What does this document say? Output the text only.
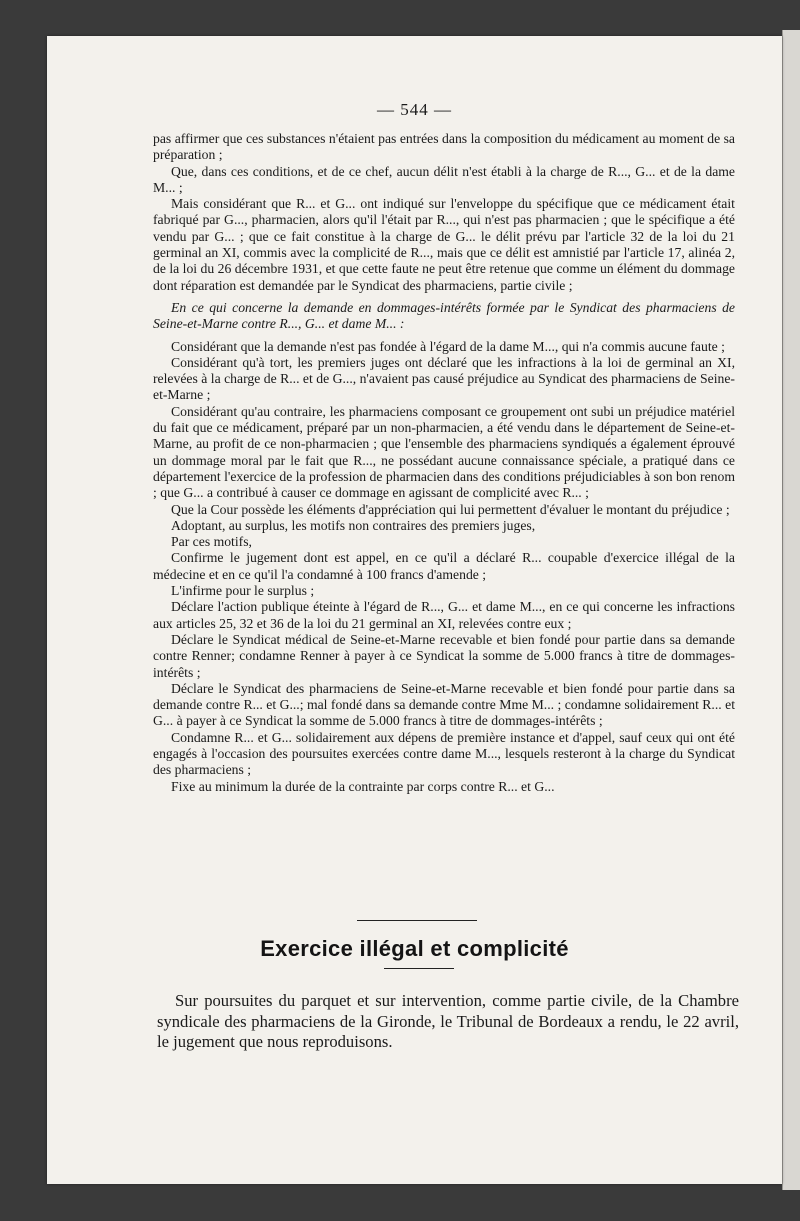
— 544 —

pas affirmer que ces substances n'étaient pas entrées dans la composition du médicament au moment de sa préparation ;

Que, dans ces conditions, et de ce chef, aucun délit n'est établi à la charge de R..., G... et de la dame M... ;

Mais considérant que R... et G... ont indiqué sur l'enveloppe du spécifique que ce médicament était fabriqué par G..., pharmacien, alors qu'il l'était par R..., qui n'est pas pharmacien ; que le spécifique a été vendu par G... ; que ce fait constitue à la charge de G... le délit prévu par l'article 32 de la loi du 21 germinal an XI, commis avec la complicité de R..., mais que ce délit est amnistié par l'article 17, alinéa 2, de la loi du 26 décembre 1931, et que cette faute ne peut être retenue que comme un élément du dommage dont réparation est demandée par le Syndicat des pharmaciens, partie civile ;

En ce qui concerne la demande en dommages-intérêts formée par le Syndicat des pharmaciens de Seine-et-Marne contre R..., G... et dame M... :

Considérant que la demande n'est pas fondée à l'égard de la dame M..., qui n'a commis aucune faute ;

Considérant qu'à tort, les premiers juges ont déclaré que les infractions à la loi de germinal an XI, relevées à la charge de R... et de G..., n'avaient pas causé préjudice au Syndicat des pharmaciens de Seine-et-Marne ;

Considérant qu'au contraire, les pharmaciens composant ce groupement ont subi un préjudice matériel du fait que ce médicament, préparé par un non-pharmacien, a été vendu dans le département de Seine-et-Marne, au profit de ce non-pharmacien ; que l'ensemble des pharmaciens syndiqués a également éprouvé un dommage moral par le fait que R..., ne possédant aucune connaissance spéciale, a pratiqué dans ce département l'exercice de la profession de pharmacien dans des conditions préjudiciables à son bon renom ; que G... a contribué à causer ce dommage en agissant de complicité avec R... ;

Que la Cour possède les éléments d'appréciation qui lui permettent d'évaluer le montant du préjudice ;

Adoptant, au surplus, les motifs non contraires des premiers juges,

Par ces motifs,

Confirme le jugement dont est appel, en ce qu'il a déclaré R... coupable d'exercice illégal de la médecine et en ce qu'il l'a condamné à 100 francs d'amende ;

L'infirme pour le surplus ;

Déclare l'action publique éteinte à l'égard de R..., G... et dame M..., en ce qui concerne les infractions aux articles 25, 32 et 36 de la loi du 21 germinal an XI, relevées contre eux ;

Déclare le Syndicat médical de Seine-et-Marne recevable et bien fondé pour partie dans sa demande contre Renner; condamne Renner à payer à ce Syndicat la somme de 5.000 francs à titre de dommages-intérêts ;

Déclare le Syndicat des pharmaciens de Seine-et-Marne recevable et bien fondé pour partie dans sa demande contre R... et G...; mal fondé dans sa demande contre Mme M... ; condamne solidairement R... et G... à payer à ce Syndicat la somme de 5.000 francs à titre de dommages-intérêts ;

Condamne R... et G... solidairement aux dépens de première instance et d'appel, sauf ceux qui ont été engagés à l'occasion des poursuites exercées contre dame M..., lesquels resteront à la charge du Syndicat des pharmaciens ;

Fixe au minimum la durée de la contrainte par corps contre R... et G...

Exercice illégal et complicité
Sur poursuites du parquet et sur intervention, comme partie civile, de la Chambre syndicale des pharmaciens de la Gironde, le Tribunal de Bordeaux a rendu, le 22 avril, le jugement que nous reproduisons.
